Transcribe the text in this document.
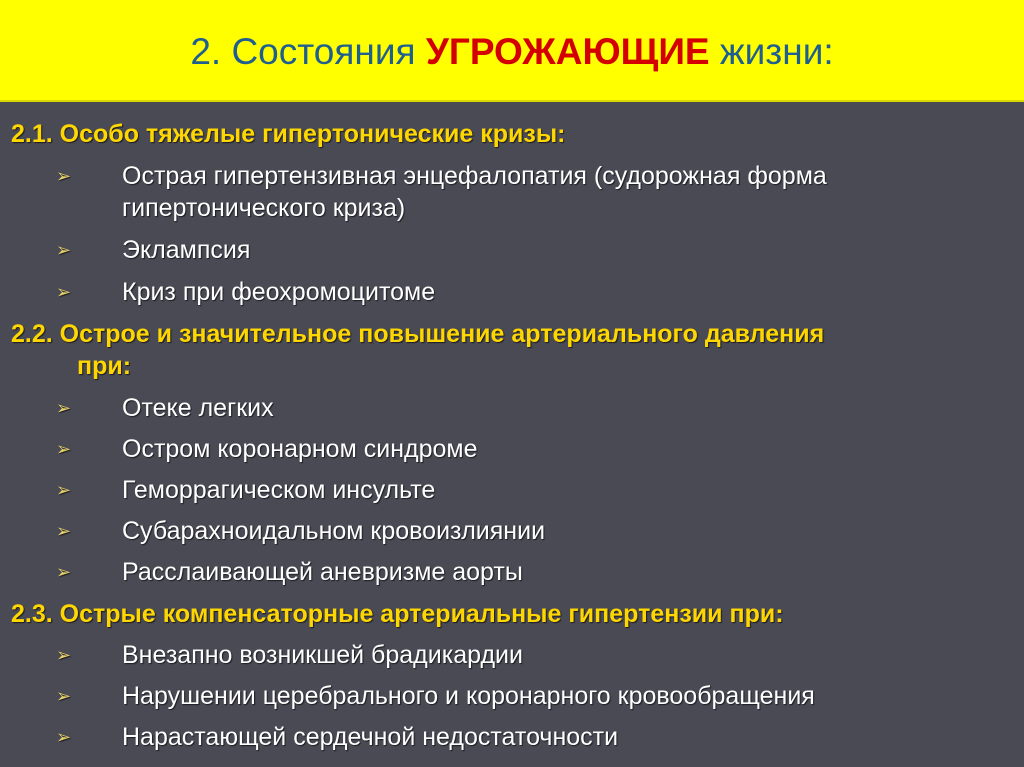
2. Состояния УГРОЖАЮЩИЕ жизни:
2.1. Особо тяжелые гипертонические кризы:
➢ Острая гипертензивная энцефалопатия (судорожная форма гипертонического криза)
➢ Эклампсия
➢ Криз при феохромоцитоме
2.2. Острое и значительное повышение артериального давления
при:
➢ Отеке легких
➢ Остром коронарном синдроме
➢ Геморрагическом инсульте
➢ Субарахноидальном кровоизлиянии
➢ Расслаивающей аневризме аорты
2.3. Острые компенсаторные артериальные гипертензии при:
➢ Внезапно возникшей брадикардии
➢ Нарушении церебрального и коронарного кровообращения
➢ Нарастающей сердечной недостаточности
